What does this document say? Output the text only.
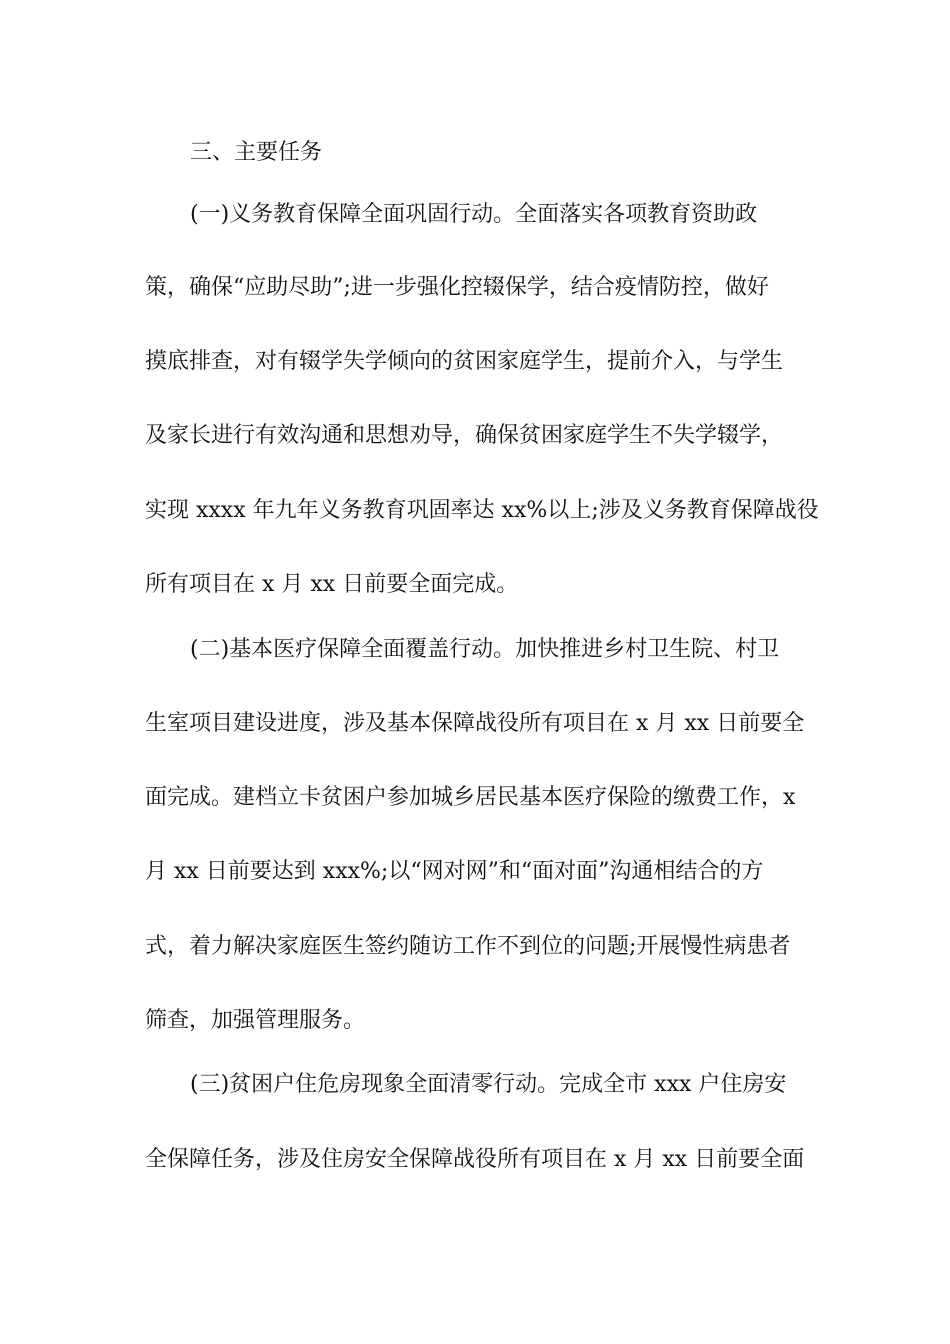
三、主要任务

(一)义务教育保障全面巩固行动。全面落实各项教育资助政

策，确保“应助尽助”;进一步强化控辍保学，结合疫情防控，做好

摸底排查，对有辍学失学倾向的贫困家庭学生，提前介入，与学生

及家长进行有效沟通和思想劝导，确保贫困家庭学生不失学辍学，

实现 xxxx 年九年义务教育巩固率达 xx%以上;涉及义务教育保障战役

所有项目在 x 月 xx 日前要全面完成。

(二)基本医疗保障全面覆盖行动。加快推进乡村卫生院、村卫

生室项目建设进度，涉及基本保障战役所有项目在 x 月 xx 日前要全

面完成。建档立卡贫困户参加城乡居民基本医疗保险的缴费工作，x

月 xx 日前要达到 xxx%;以“网对网”和“面对面”沟通相结合的方

式，着力解决家庭医生签约随访工作不到位的问题;开展慢性病患者

筛查，加强管理服务。

(三)贫困户住危房现象全面清零行动。完成全市 xxx 户住房安

全保障任务，涉及住房安全保障战役所有项目在 x 月 xx 日前要全面
